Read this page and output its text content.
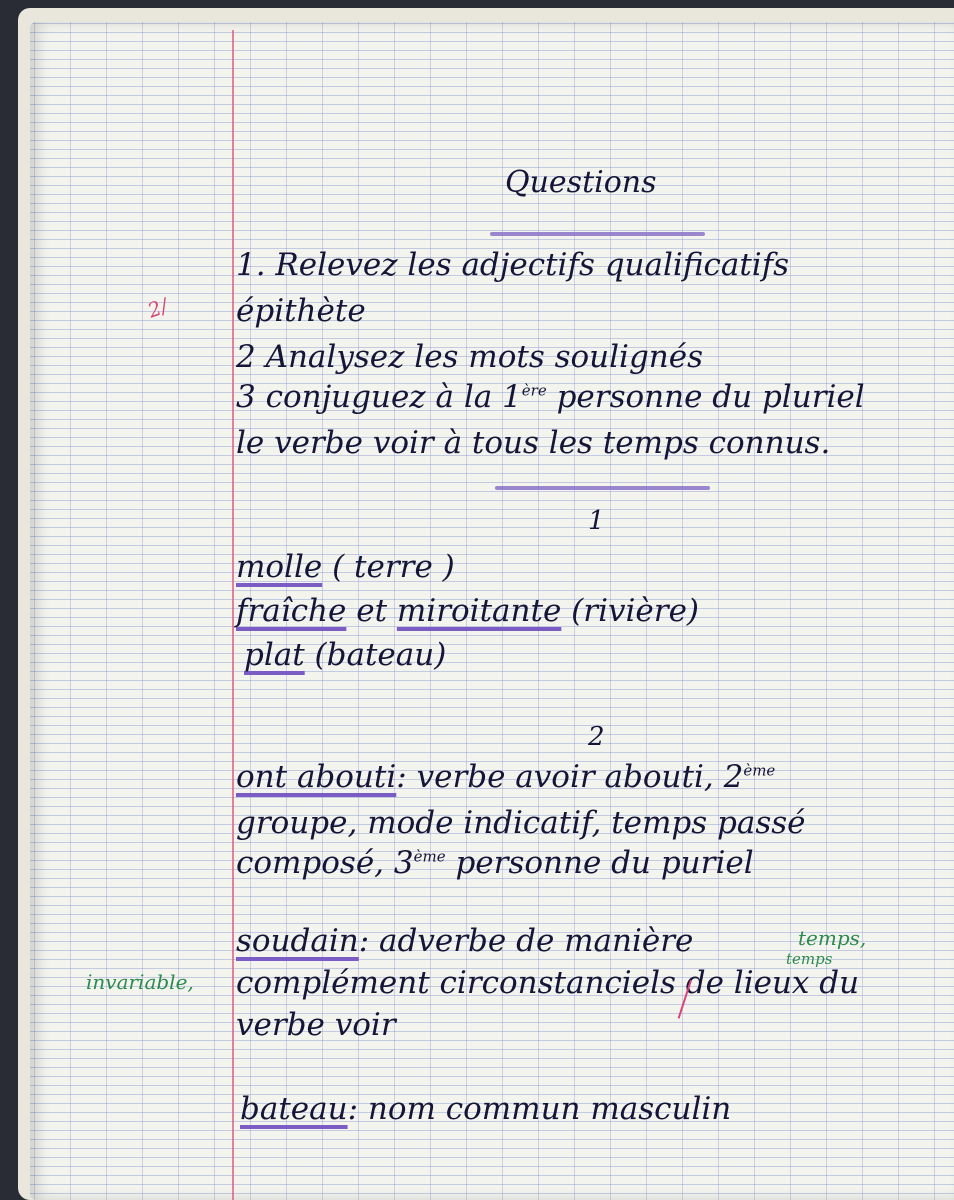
Questions
1. Relevez les adjectifs qualificatifs
épithète
2 Analysez les mots soulignés
3 conjuguez à la 1ère personne du pluriel
le verbe voir à tous les temps connus.
1
molle ( terre )
fraîche et miroitante (rivière)
plat (bateau)
2
ont abouti: verbe avoir abouti, 2ème
groupe, mode indicatif, temps passé
composé, 3ème personne du puriel
soudain: adverbe de manière
complément circonstanciels de lieux du
verbe voir
bateau: nom commun masculin
2/
temps,
temps
invariable,
